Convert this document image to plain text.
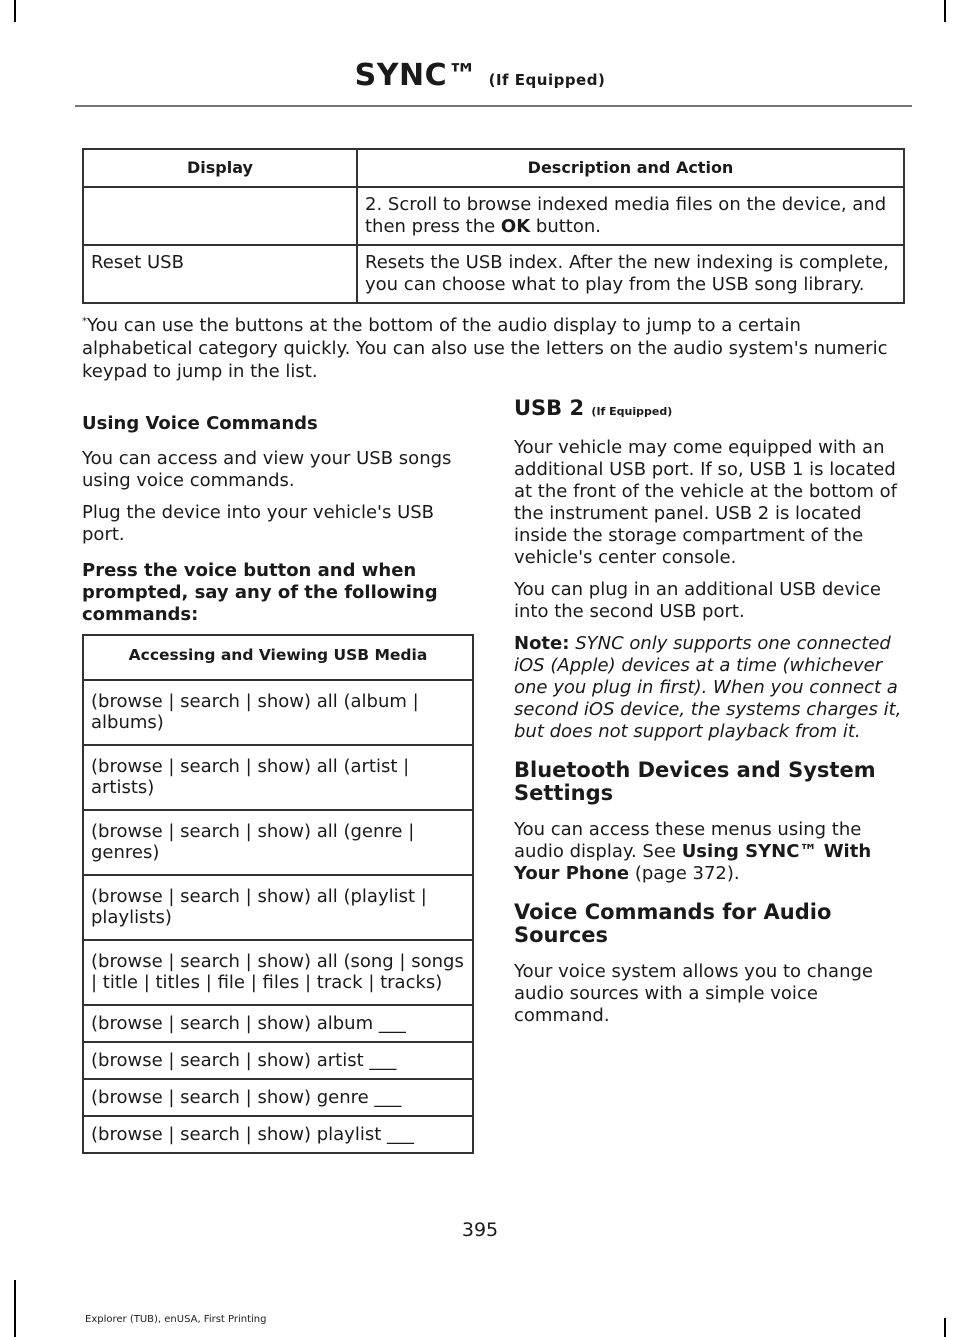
SYNC™ (If Equipped)
Display	Description and Action
	2. Scroll to browse indexed media files on the device, and then press the OK button.
Reset USB	Resets the USB index. After the new indexing is complete, you can choose what to play from the USB song library.
*You can use the buttons at the bottom of the audio display to jump to a certain alphabetical category quickly. You can also use the letters on the audio system's numeric keypad to jump in the list.
Using Voice Commands
You can access and view your USB songs using voice commands.
Plug the device into your vehicle's USB port.
Press the voice button and when prompted, say any of the following commands:
Accessing and Viewing USB Media
(browse | search | show) all (album | albums)
(browse | search | show) all (artist | artists)
(browse | search | show) all (genre | genres)
(browse | search | show) all (playlist | playlists)
(browse | search | show) all (song | songs | title | titles | file | files | track | tracks)
(browse | search | show) album ___
(browse | search | show) artist ___
(browse | search | show) genre ___
(browse | search | show) playlist ___
USB 2 (If Equipped)
Your vehicle may come equipped with an additional USB port. If so, USB 1 is located at the front of the vehicle at the bottom of the instrument panel. USB 2 is located inside the storage compartment of the vehicle's center console.
You can plug in an additional USB device into the second USB port.
Note: SYNC only supports one connected iOS (Apple) devices at a time (whichever one you plug in first). When you connect a second iOS device, the systems charges it, but does not support playback from it.
Bluetooth Devices and System Settings
You can access these menus using the audio display. See Using SYNC™ With Your Phone (page 372).
Voice Commands for Audio Sources
Your voice system allows you to change audio sources with a simple voice command.
395
Explorer (TUB), enUSA, First Printing
